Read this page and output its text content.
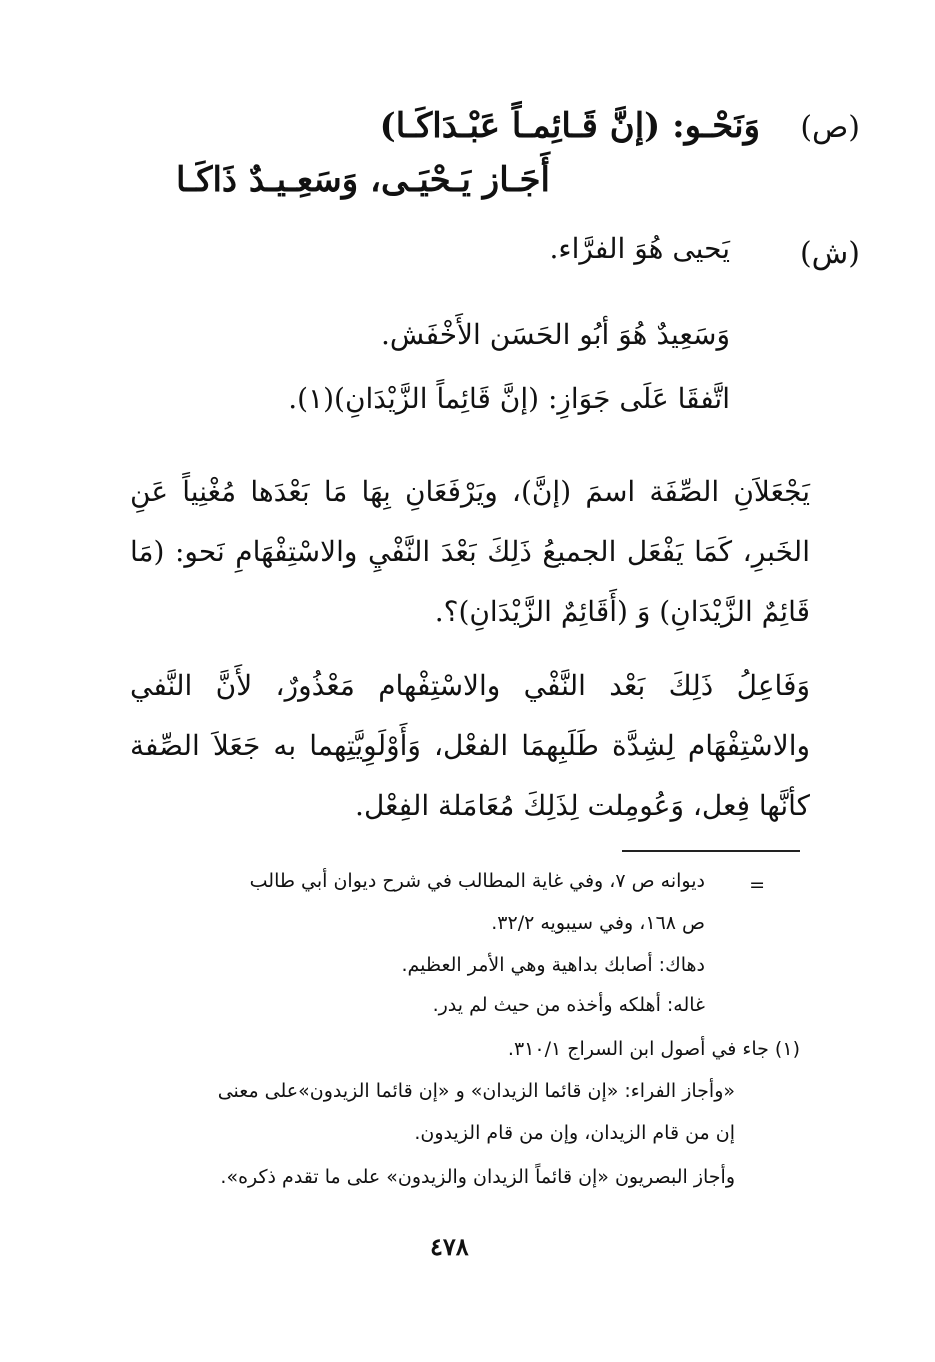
(ص)
وَنَحْـو: (إنَّ قَـائِمـاً عَبْـدَاكَـا)
أَجَـاز يَـحْيَـى، وَسَعِـيـدٌ ذَاكَـا
(ش)
يَحيى هُوَ الفرَّاء.
وَسَعِيدٌ هُوَ أبُو الحَسَن الأَخْفَش.
اتَّفقَا عَلَى جَوَازِ: (إنَّ قَائِماً الزَّيْدَانِ)(١).
يَجْعَلاَنِ الصِّفَة اسمَ (إنَّ)، ويَرْفَعَانِ بِهَا مَا بَعْدَها مُغْنِياً عَنِ الخَبرِ، كَمَا يَفْعَل الجميعُ ذَلِكَ بَعْدَ النَّفْيِ والاسْتِفْهَامِ نَحو: (مَا قَائِمٌ الزَّيْدَانِ) وَ (أَقَائِمٌ الزَّيْدَانِ)؟.
وَفَاعِلُ ذَلِكَ بَعْد النَّفْي والاسْتِفْهام مَعْذُورٌ، لأَنَّ النَّفي والاسْتِفْهَام لِشِدَّة طَلَبِهمَا الفعْل، وَأَوْلَوِيَّتِهما به جَعَلاَ الصِّفة كأنَّها فِعل، وَعُومِلت لِذَلِكَ مُعَامَلة الفِعْل.
=
ديوانه ص ٧، وفي غاية المطالب في شرح ديوان أبي طالب
ص ١٦٨، وفي سيبويه ٣٢/٢.
دهاك: أصابك بداهية وهي الأمر العظيم.
غاله: أهلكه وأخذه من حيث لم يدر.
(١) جاء في أصول ابن السراج ٣١٠/١.
«وأجاز الفراء: «إن قائما الزيدان» و «إن قائما الزيدون»على معنى
إن من قام الزيدان، وإن من قام الزيدون.
وأجاز البصريون «إن قائماً الزيدان والزيدون» على ما تقدم ذكره».
٤٧٨
